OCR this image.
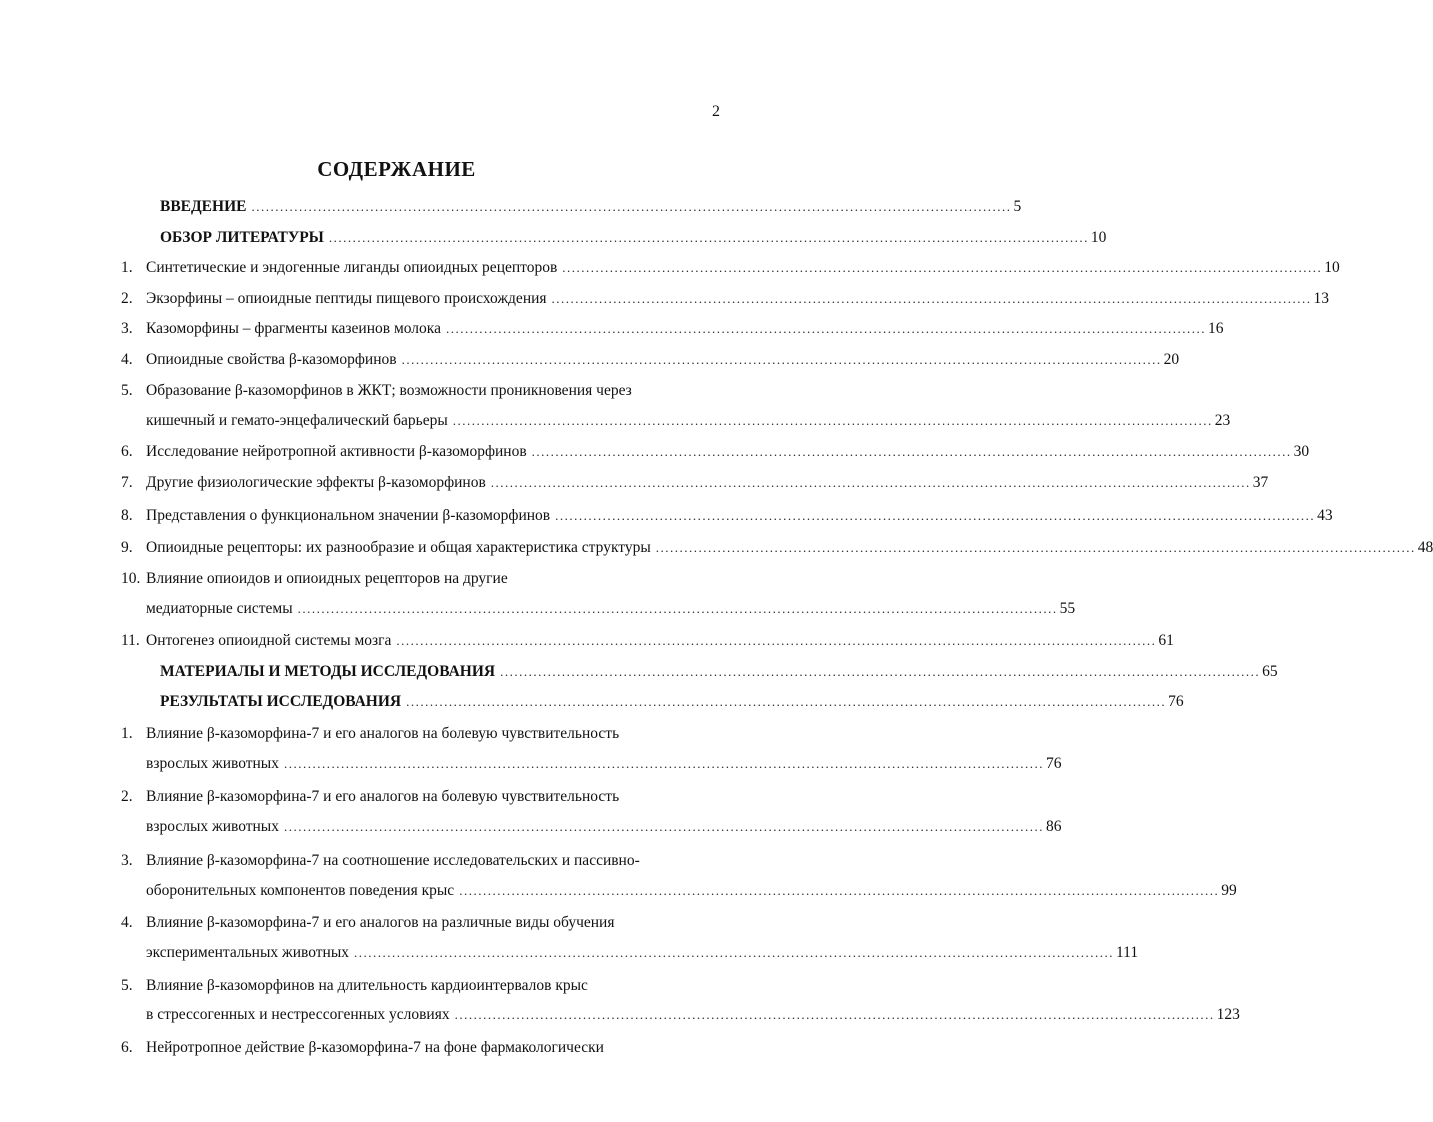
2
СОДЕРЖАНИЕ
ВВЕДЕНИЕ ................................................................................................................................................................ 5
ОБЗОР ЛИТЕРАТУРЫ ................................................................................................................................................................ 10
1. Синтетические и эндогенные лиганды опиоидных рецепторов ................................................................................................................................................................ 10
2. Экзорфины – опиоидные пептиды пищевого происхождения ................................................................................................................................................................ 13
3. Казоморфины – фрагменты казеинов молока ................................................................................................................................................................ 16
4. Опиоидные свойства β-казоморфинов ................................................................................................................................................................ 20
5. Образование β-казоморфинов в ЖКТ; возможности проникновения через
кишечный и гемато-энцефалический барьеры ................................................................................................................................................................ 23
6. Исследование нейротропной активности β-казоморфинов ................................................................................................................................................................ 30
7. Другие физиологические эффекты β-казоморфинов ................................................................................................................................................................ 37
8. Представления о функциональном значении β-казоморфинов ................................................................................................................................................................ 43
9. Опиоидные рецепторы: их разнообразие и общая характеристика структуры ................................................................................................................................................................ 48
10. Влияние опиоидов и опиоидных рецепторов на другие
медиаторные системы ................................................................................................................................................................ 55
11. Онтогенез опиоидной системы мозга ................................................................................................................................................................ 61
МАТЕРИАЛЫ И МЕТОДЫ ИССЛЕДОВАНИЯ ................................................................................................................................................................ 65
РЕЗУЛЬТАТЫ ИССЛЕДОВАНИЯ ................................................................................................................................................................ 76
1. Влияние β-казоморфина-7 и его аналогов на болевую чувствительность
взрослых животных ................................................................................................................................................................ 76
2. Влияние β-казоморфина-7 и его аналогов на болевую чувствительность
взрослых животных ................................................................................................................................................................ 86
3. Влияние β-казоморфина-7 на соотношение исследовательских и пассивно-
оборонительных компонентов поведения крыс ................................................................................................................................................................ 99
4. Влияние β-казоморфина-7 и его аналогов на различные виды обучения
экспериментальных животных ................................................................................................................................................................ 111
5. Влияние β-казоморфинов на длительность кардиоинтервалов крыс
в стрессогенных и нестрессогенных условиях ................................................................................................................................................................ 123
6. Нейротропное действие β-казоморфина-7 на фоне фармакологически
